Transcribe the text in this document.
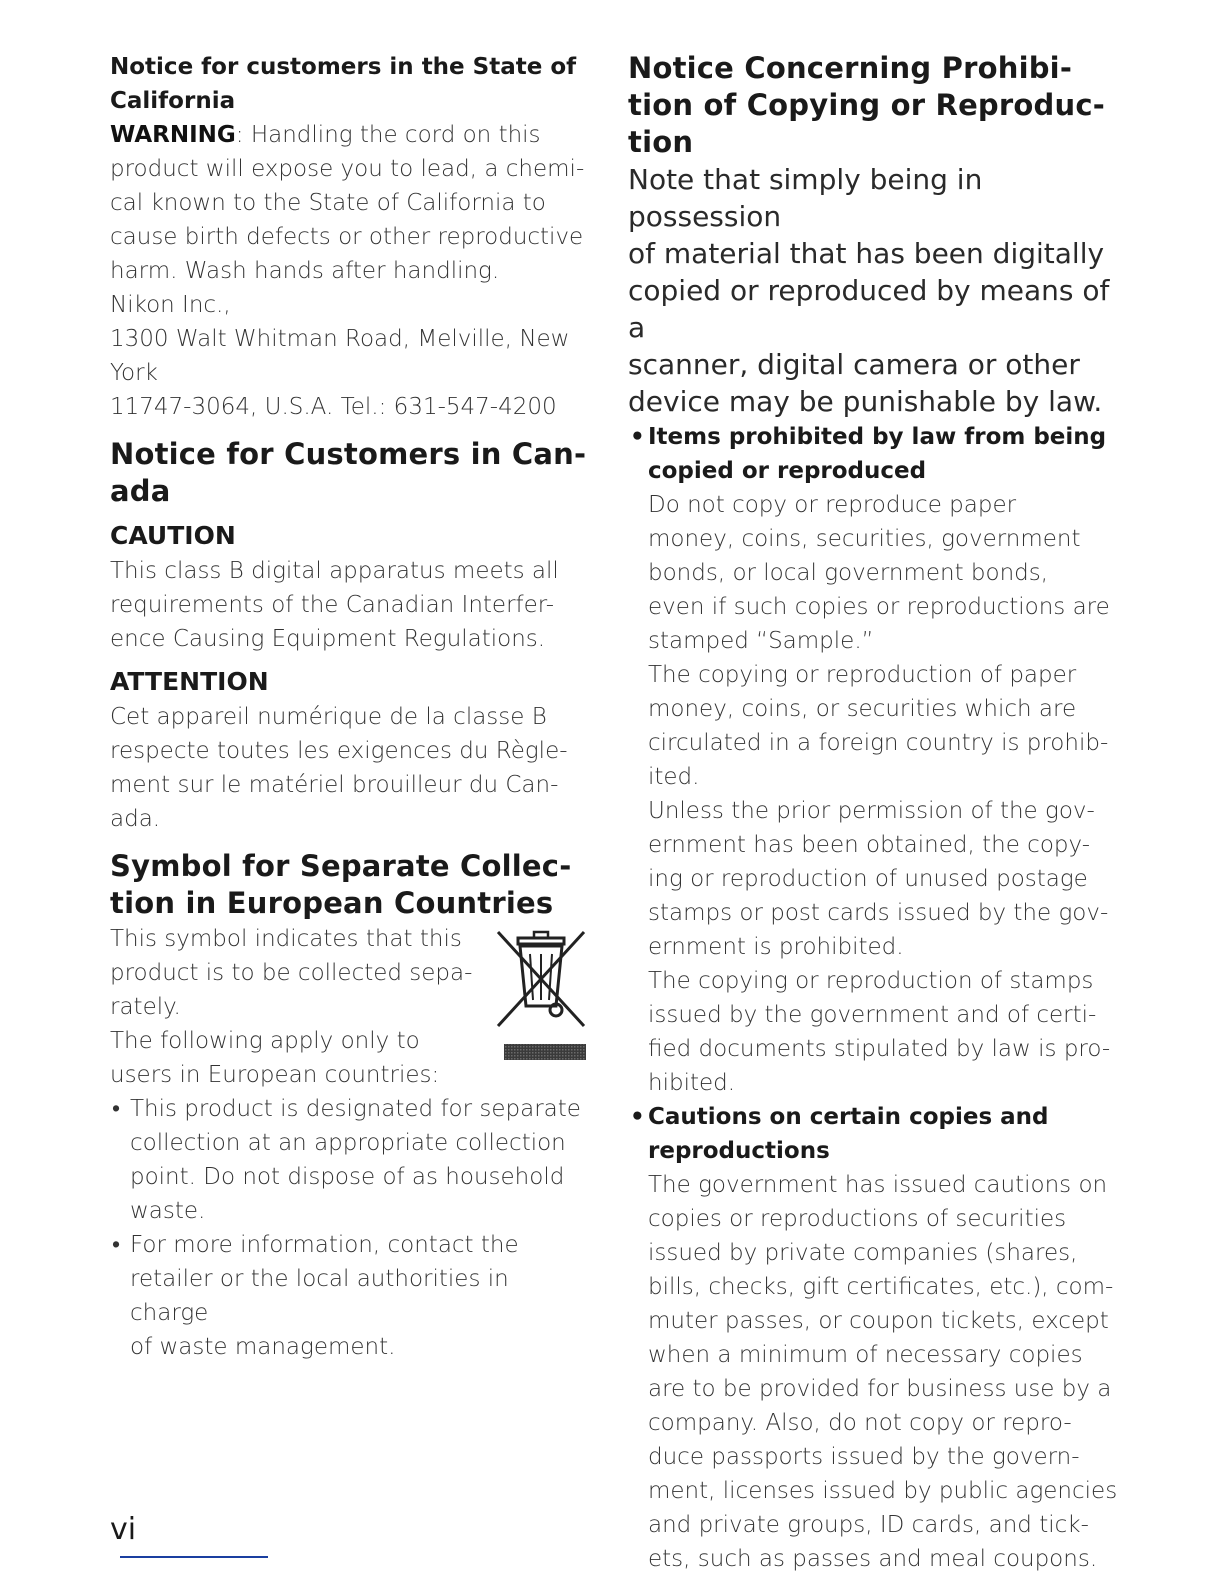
Notice for customers in the State of
California

WARNING: Handling the cord on this
product will expose you to lead, a chemi-
cal known to the State of California to
cause birth defects or other reproductive
harm. Wash hands after handling.
Nikon Inc.,
1300 Walt Whitman Road, Melville, New
York
11747-3064, U.S.A. Tel.: 631-547-4200

Notice for Customers in Can-
ada

CAUTION

This class B digital apparatus meets all
requirements of the Canadian Interfer-
ence Causing Equipment Regulations.

ATTENTION

Cet appareil numérique de la classe B
respecte toutes les exigences du Règle-
ment sur le matériel brouilleur du Can-
ada.

Symbol for Separate Collec-
tion in European Countries

This symbol indicates that this
product is to be collected sepa-
rately.
The following apply only to
users in European countries:

• This product is designated for separate
collection at an appropriate collection
point. Do not dispose of as household
waste.
• For more information, contact the
retailer or the local authorities in charge
of waste management.
Notice Concerning Prohibi-
tion of Copying or Reproduc-
tion

Note that simply being in possession
of material that has been digitally
copied or reproduced by means of a
scanner, digital camera or other
device may be punishable by law.

• Items prohibited by law from being
copied or reproduced

Do not copy or reproduce paper
money, coins, securities, government
bonds, or local government bonds,
even if such copies or reproductions are
stamped “Sample.”
The copying or reproduction of paper
money, coins, or securities which are
circulated in a foreign country is prohib-
ited.
Unless the prior permission of the gov-
ernment has been obtained, the copy-
ing or reproduction of unused postage
stamps or post cards issued by the gov-
ernment is prohibited.
The copying or reproduction of stamps
issued by the government and of certi-
fied documents stipulated by law is pro-
hibited.

• Cautions on certain copies and
reproductions

The government has issued cautions on
copies or reproductions of securities
issued by private companies (shares,
bills, checks, gift certificates, etc.), com-
muter passes, or coupon tickets, except
when a minimum of necessary copies
are to be provided for business use by a
company. Also, do not copy or repro-
duce passports issued by the govern-
ment, licenses issued by public agencies
and private groups, ID cards, and tick-
ets, such as passes and meal coupons.

vi
